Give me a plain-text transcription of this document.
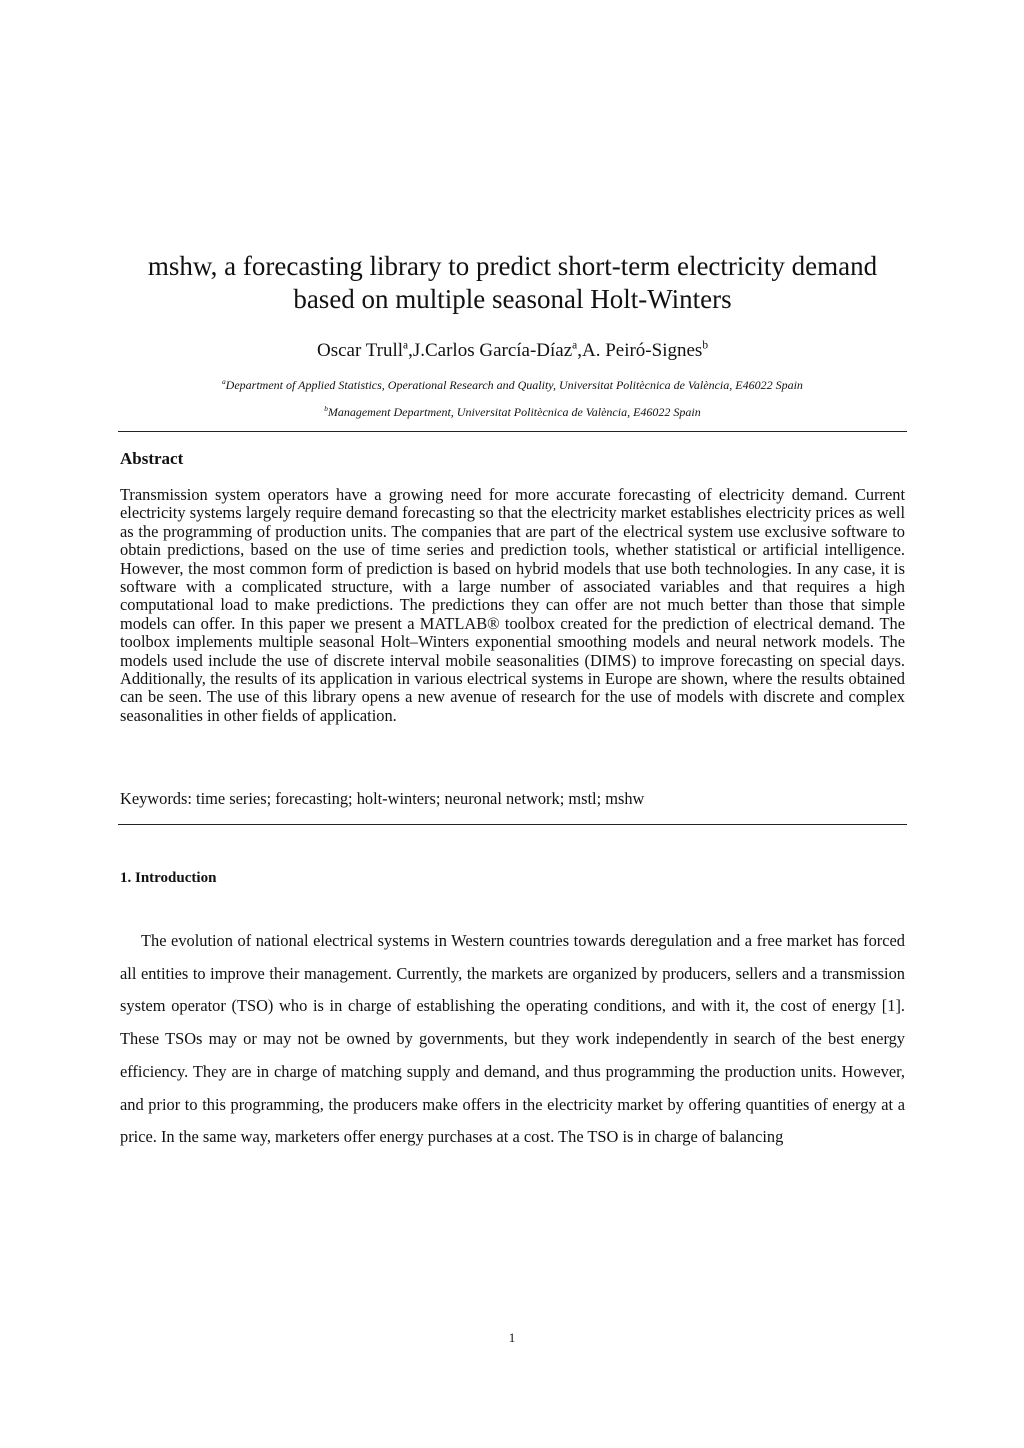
mshw, a forecasting library to predict short-term electricity demand based on multiple seasonal Holt-Winters
Oscar Trull$^a$,J.Carlos García-Díaz$^a$,A. Peiró-Signes$^b$
$^a$Department of Applied Statistics, Operational Research and Quality, Universitat Politècnica de València, E46022 Spain
$^b$Management Department, Universitat Politècnica de València, E46022 Spain
Abstract
Transmission system operators have a growing need for more accurate forecasting of electricity demand. Current electricity systems largely require demand forecasting so that the electricity market establishes electricity prices as well as the programming of production units. The companies that are part of the electrical system use exclusive software to obtain predictions, based on the use of time series and prediction tools, whether statistical or artificial intelligence. However, the most common form of prediction is based on hybrid models that use both technologies. In any case, it is software with a complicated structure, with a large number of associated variables and that requires a high computational load to make predictions. The predictions they can offer are not much better than those that simple models can offer. In this paper we present a MATLAB® toolbox created for the prediction of electrical demand. The toolbox implements multiple seasonal Holt–Winters exponential smoothing models and neural network models. The models used include the use of discrete interval mobile seasonalities (DIMS) to improve forecasting on special days. Additionally, the results of its application in various electrical systems in Europe are shown, where the results obtained can be seen. The use of this library opens a new avenue of research for the use of models with discrete and complex seasonalities in other fields of application.
Keywords: time series; forecasting; holt-winters; neuronal network; mstl; mshw
1. Introduction
The evolution of national electrical systems in Western countries towards deregulation and a free market has forced all entities to improve their management. Currently, the markets are organized by producers, sellers and a transmission system operator (TSO) who is in charge of establishing the operating conditions, and with it, the cost of energy [1]. These TSOs may or may not be owned by governments, but they work independently in search of the best energy efficiency. They are in charge of matching supply and demand, and thus programming the production units. However, and prior to this programming, the producers make offers in the electricity market by offering quantities of energy at a price. In the same way, marketers offer energy purchases at a cost. The TSO is in charge of balancing
1
